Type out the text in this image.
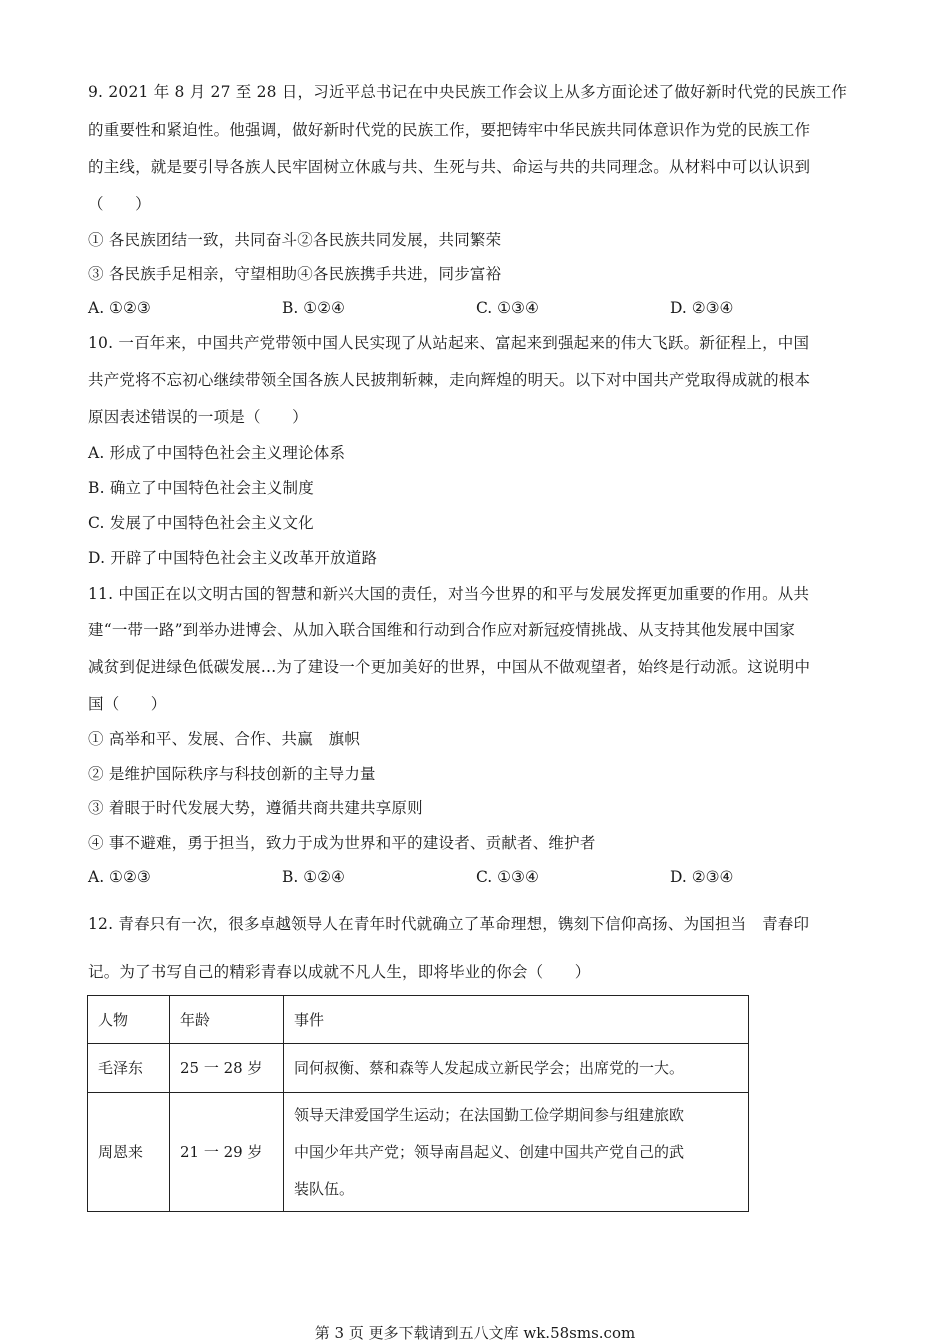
9. 2021 年 8 月 27 至 28 日，习近平总书记在中央民族工作会议上从多方面论述了做好新时代党的民族工作
的重要性和紧迫性。他强调，做好新时代党的民族工作，要把铸牢中华民族共同体意识作为党的民族工作
的主线，就是要引导各族人民牢固树立休戚与共、生死与共、命运与共的共同理念。从材料中可以认识到
（　　）
① 各民族团结一致，共同奋斗②各民族共同发展，共同繁荣
③ 各民族手足相亲，守望相助④各民族携手共进，同步富裕
A. ①②③	B. ①②④	C. ①③④	D. ②③④
10. 一百年来，中国共产党带领中国人民实现了从站起来、富起来到强起来的伟大飞跃。新征程上，中国
共产党将不忘初心继续带领全国各族人民披荆斩棘，走向辉煌的明天。以下对中国共产党取得成就的根本
原因表述错误的一项是（　　）
A. 形成了中国特色社会主义理论体系
B. 确立了中国特色社会主义制度
C. 发展了中国特色社会主义文化
D. 开辟了中国特色社会主义改革开放道路
11. 中国正在以文明古国的智慧和新兴大国的责任，对当今世界的和平与发展发挥更加重要的作用。从共
建“一带一路”到举办进博会、从加入联合国维和行动到合作应对新冠疫情挑战、从支持其他发展中国家
减贫到促进绿色低碳发展…为了建设一个更加美好的世界，中国从不做观望者，始终是行动派。这说明中
国（　　）
① 高举和平、发展、合作、共赢　旗帜
② 是维护国际秩序与科技创新的主导力量
③ 着眼于时代发展大势，遵循共商共建共享原则
④ 事不避难，勇于担当，致力于成为世界和平的建设者、贡献者、维护者
A. ①②③	B. ①②④	C. ①③④	D. ②③④
12. 青春只有一次，很多卓越领导人在青年时代就确立了革命理想，镌刻下信仰高扬、为国担当　青春印
记。为了书写自己的精彩青春以成就不凡人生，即将毕业的你会（　　）
人物	年龄	事件
毛泽东	25 一 28 岁	同何叔衡、蔡和森等人发起成立新民学会；出席党的一大。
周恩来	21 一 29 岁	领导天津爱国学生运动；在法国勤工俭学期间参与组建旅欧
中国少年共产党；领导南昌起义、创建中国共产党自己的武
装队伍。
第 3 页 更多下载请到五八文库 wk.58sms.com
